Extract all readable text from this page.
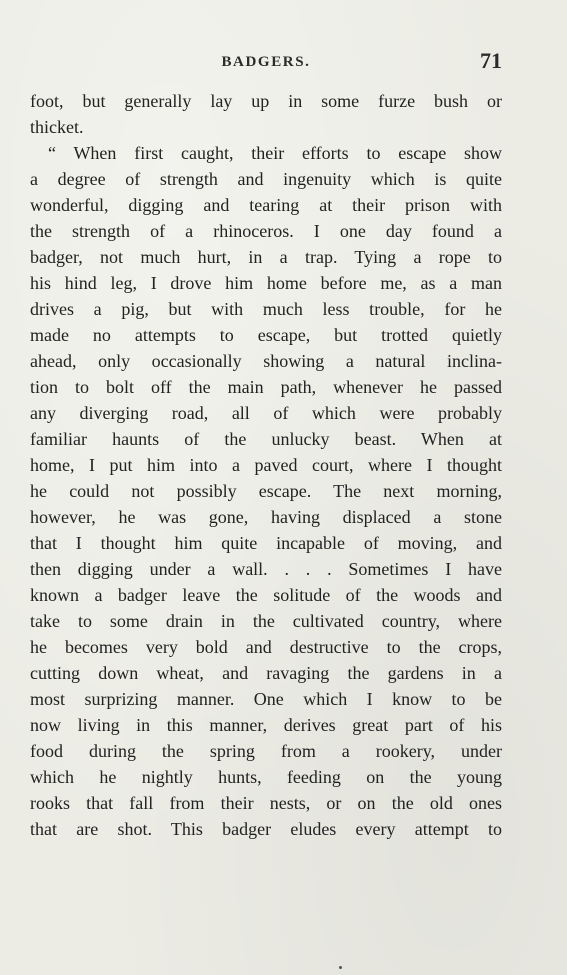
BADGERS.	71
foot, but generally lay up in some furze bush or
thicket.
“ When first caught, their efforts to escape show
a degree of strength and ingenuity which is quite
wonderful, digging and tearing at their prison with
the strength of a rhinoceros. I one day found a
badger, not much hurt, in a trap. Tying a rope to
his hind leg, I drove him home before me, as a man
drives a pig, but with much less trouble, for he
made no attempts to escape, but trotted quietly
ahead, only occasionally showing a natural inclina-
tion to bolt off the main path, whenever he passed
any diverging road, all of which were probably
familiar haunts of the unlucky beast. When at
home, I put him into a paved court, where I thought
he could not possibly escape. The next morning,
however, he was gone, having displaced a stone
that I thought him quite incapable of moving, and
then digging under a wall. . . . Sometimes I have
known a badger leave the solitude of the woods and
take to some drain in the cultivated country, where
he becomes very bold and destructive to the crops,
cutting down wheat, and ravaging the gardens in a
most surprizing manner. One which I know to be
now living in this manner, derives great part of his
food during the spring from a rookery, under
which he nightly hunts, feeding on the young
rooks that fall from their nests, or on the old ones
that are shot. This badger eludes every attempt to
